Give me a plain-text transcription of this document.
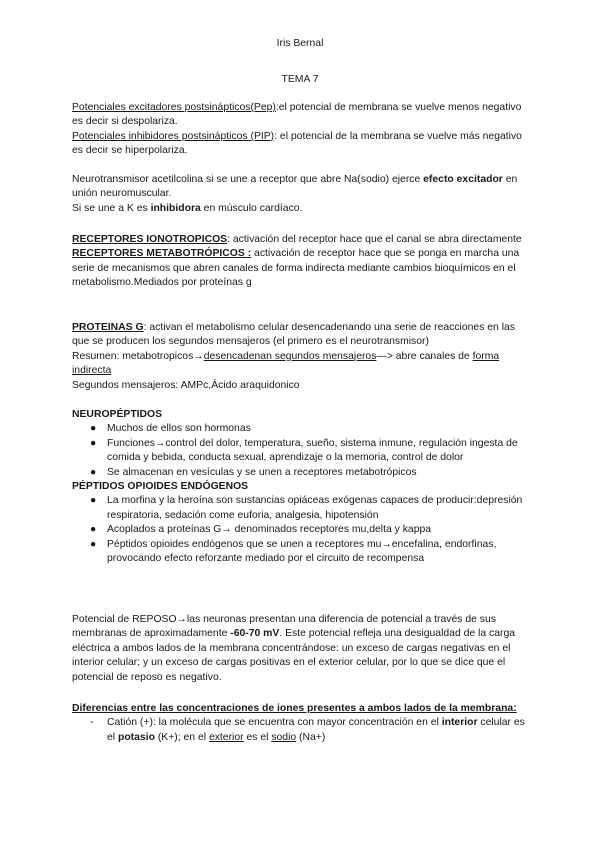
Iris Bernal
TEMA 7

Potenciales excitadores postsinápticos(Pep):el potencial de membrana se vuelve menos negativo es decir si despolariza.

Potenciales inhibidores postsinápticos (PIP): el potencial de la membrana se vuelve más negativo es decir se hiperpolariza.

Neurotransmisor acetilcolina si se une a receptor que abre Na(sodio) ejerce efecto excitador en unión neuromuscular.

Si se une a K es inhibidora en músculo cardíaco.

RECEPTORES IONOTROPICOS: activación del receptor hace que el canal se abra directamente

RECEPTORES METABOTRÓPICOS : activación de receptor hace que se ponga en marcha una serie de mecanismos que abren canales de forma indirecta mediante cambios bioquímicos en el metabolismo.Mediados por proteínas g

PROTEINAS G: activan el metabolismo celular desencadenando una serie de reacciones en las que se producen los segundos mensajeros (el primero es el neurotransmisor)

Resumen: metabotropicos→desencadenan segundos mensajeros—> abre canales de forma indirecta

Segundos mensajeros: AMPc,Ácido araquidonico

NEUROPÉPTIDOS

●	Muchos de ellos son hormonas
●	Funciones→control del dolor, temperatura, sueño, sistema inmune, regulación ingesta de comida y bebida, conducta sexual, aprendizaje o la memoria, control de dolor
●	Se almacenan en vesículas y se unen a receptores metabotrópicos

PÉPTIDOS OPIOIDES ENDÓGENOS

●	La morfina y la heroína son sustancias opiáceas exógenas capaces de producir:depresión respiratoria, sedación come euforia, analgesia, hipotensión
●	Acoplados a proteínas G→ denominados receptores mu,delta y kappa
●	Péptidos opioides endógenos que se unen a receptores mu→encefalina, endorfinas, provocando efecto reforzante mediado por el circuito de recompensa

Potencial de REPOSO→las neuronas presentan una diferencia de potencial a través de sus membranas de aproximadamente -60-70 mV. Este potencial refleja una desigualdad de la carga eléctrica a ambos lados de la membrana concentrándose: un exceso de cargas negativas en el interior celular; y un exceso de cargas positivas en el exterior celular, por lo que se dice que el potencial de reposo es negativo.

Diferencias entre las concentraciones de iones presentes a ambos lados de la membrana:

-	Catión (+): la molécula que se encuentra con mayor concentración en el interior celular es el potasio (K+); en el exterior es el sodio (Na+)
